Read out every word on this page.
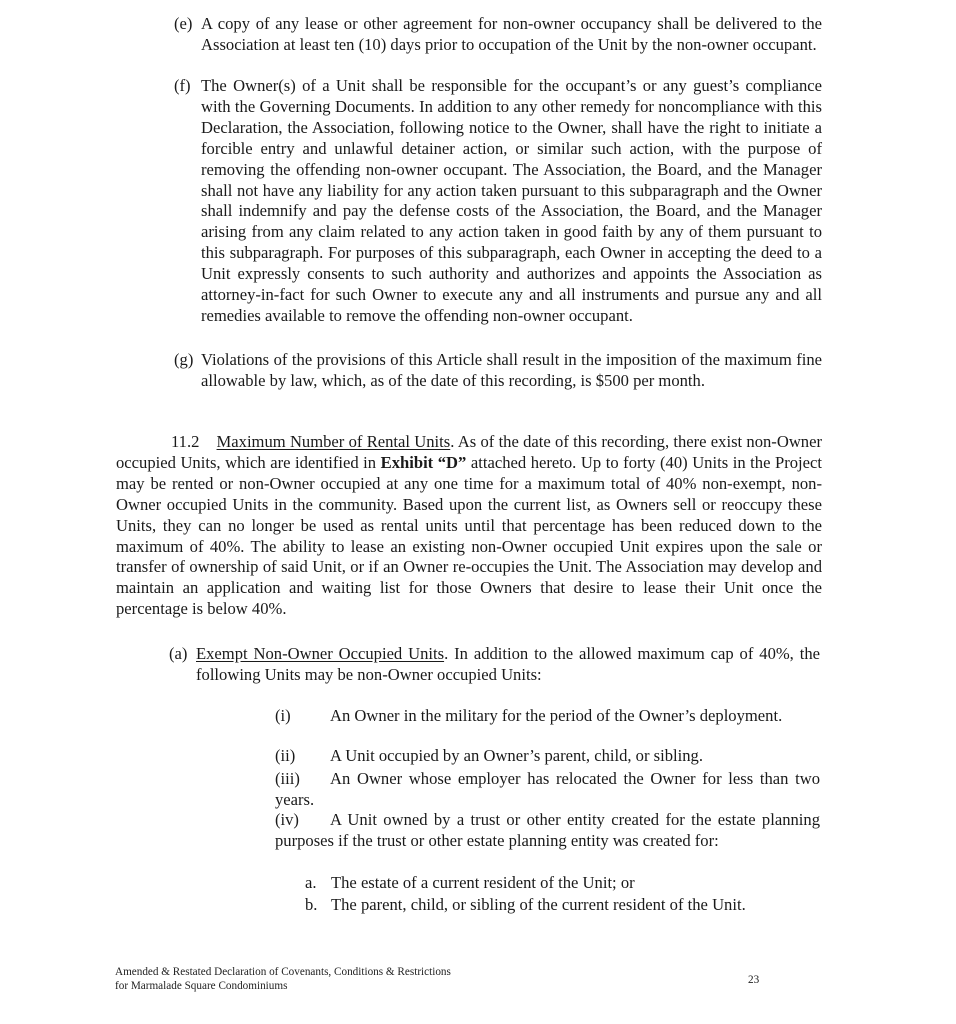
(e) A copy of any lease or other agreement for non-owner occupancy shall be delivered to the Association at least ten (10) days prior to occupation of the Unit by the non-owner occupant.

(f) The Owner(s) of a Unit shall be responsible for the occupant’s or any guest’s compliance with the Governing Documents. In addition to any other remedy for noncompliance with this Declaration, the Association, following notice to the Owner, shall have the right to initiate a forcible entry and unlawful detainer action, or similar such action, with the purpose of removing the offending non-owner occupant. The Association, the Board, and the Manager shall not have any liability for any action taken pursuant to this subparagraph and the Owner shall indemnify and pay the defense costs of the Association, the Board, and the Manager arising from any claim related to any action taken in good faith by any of them pursuant to this subparagraph. For purposes of this subparagraph, each Owner in accepting the deed to a Unit expressly consents to such authority and authorizes and appoints the Association as attorney-in-fact for such Owner to execute any and all instruments and pursue any and all remedies available to remove the offending non-owner occupant.

(g) Violations of the provisions of this Article shall result in the imposition of the maximum fine allowable by law, which, as of the date of this recording, is $500 per month.

11.2 Maximum Number of Rental Units. As of the date of this recording, there exist non-Owner occupied Units, which are identified in Exhibit “D” attached hereto. Up to forty (40) Units in the Project may be rented or non-Owner occupied at any one time for a maximum total of 40% non-exempt, non-Owner occupied Units in the community. Based upon the current list, as Owners sell or reoccupy these Units, they can no longer be used as rental units until that percentage has been reduced down to the maximum of 40%. The ability to lease an existing non-Owner occupied Unit expires upon the sale or transfer of ownership of said Unit, or if an Owner re-occupies the Unit. The Association may develop and maintain an application and waiting list for those Owners that desire to lease their Unit once the percentage is below 40%.

(a) Exempt Non-Owner Occupied Units. In addition to the allowed maximum cap of 40%, the following Units may be non-Owner occupied Units:

(i) An Owner in the military for the period of the Owner’s deployment.

(ii) A Unit occupied by an Owner’s parent, child, or sibling.

(iii) An Owner whose employer has relocated the Owner for less than two years.

(iv) A Unit owned by a trust or other entity created for the estate planning purposes if the trust or other estate planning entity was created for:

a. The estate of a current resident of the Unit; or
b. The parent, child, or sibling of the current resident of the Unit.
Amended & Restated Declaration of Covenants, Conditions & Restrictions
for Marmalade Square Condominiums	23
